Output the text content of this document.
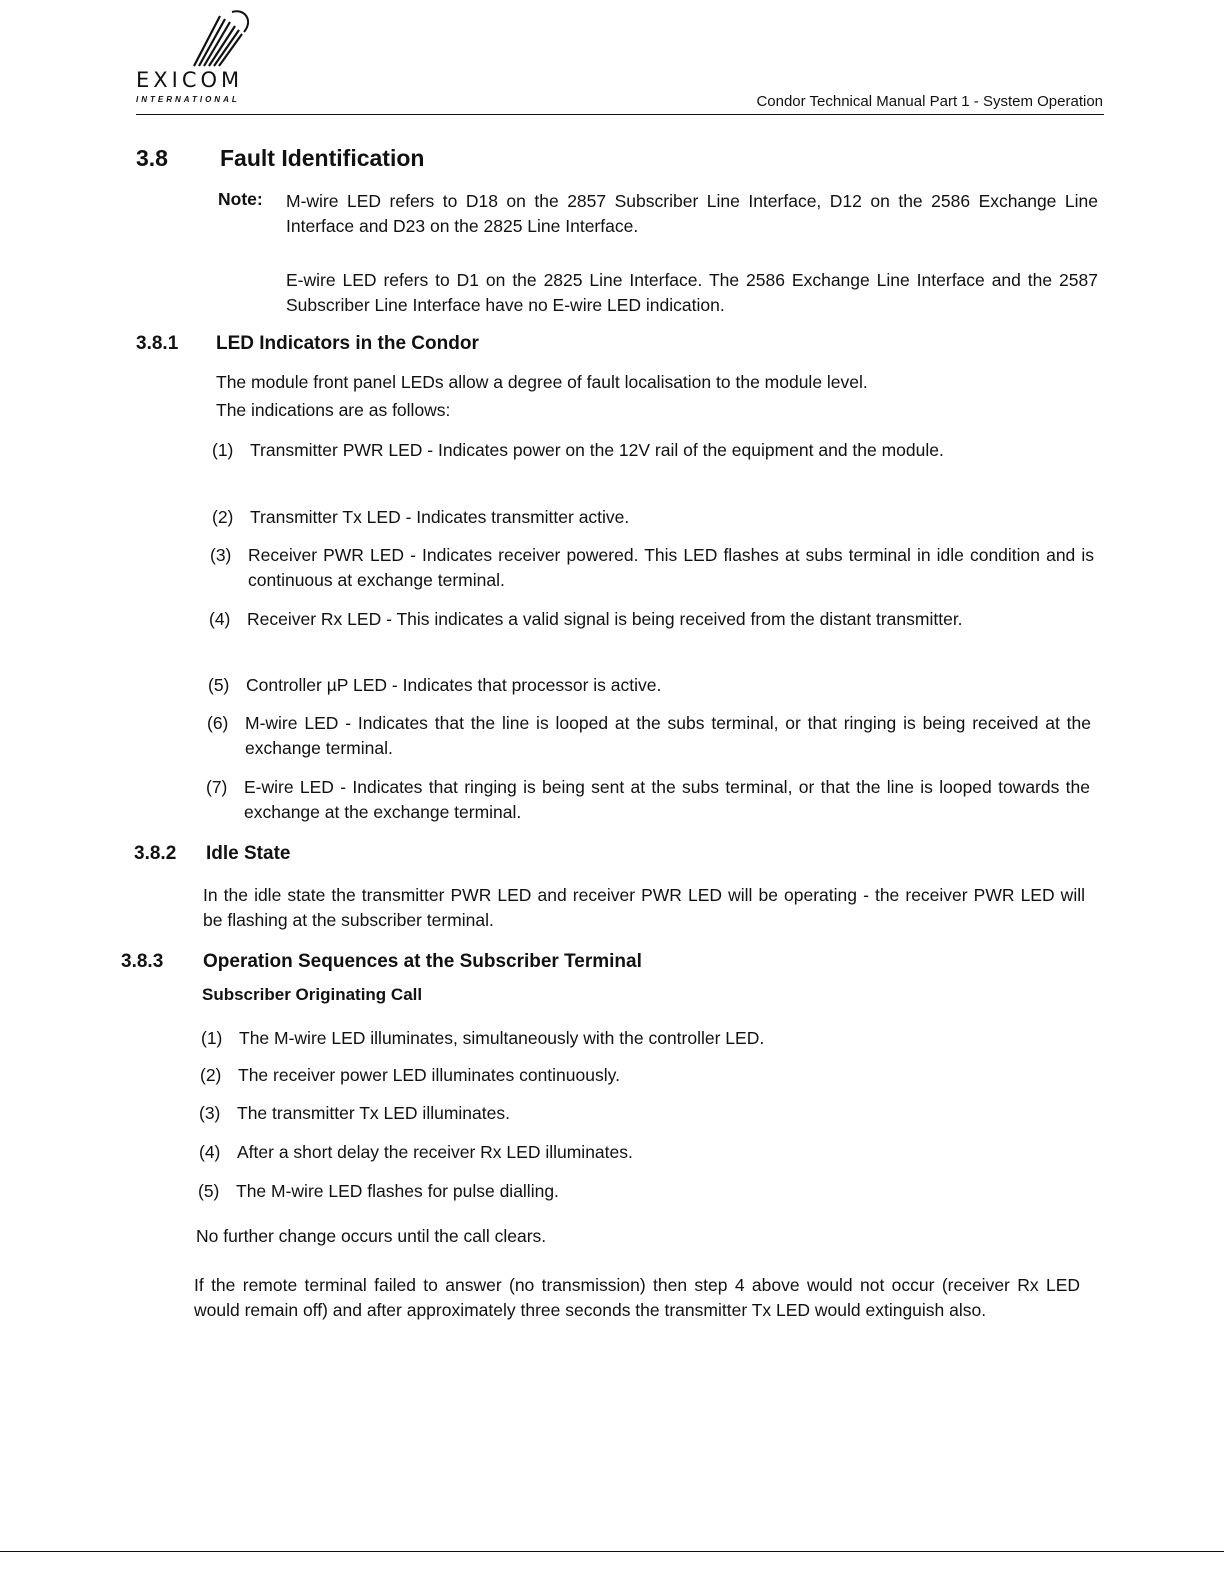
EXICOM
INTERNATIONAL	Condor Technical Manual Part 1 - System Operation
3.8 Fault Identification
Note: M-wire LED refers to D18 on the 2857 Subscriber Line Interface, D12 on the 2586 Exchange Line Interface and D23 on the 2825 Line Interface.
E-wire LED refers to D1 on the 2825 Line Interface. The 2586 Exchange Line Interface and the 2587 Subscriber Line Interface have no E-wire LED indication.
3.8.1 LED Indicators in the Condor
The module front panel LEDs allow a degree of fault localisation to the module level.
The indications are as follows:
(1) Transmitter PWR LED - Indicates power on the 12V rail of the equipment and the module.
(2) Transmitter Tx LED - Indicates transmitter active.
(3) Receiver PWR LED - Indicates receiver powered. This LED flashes at subs terminal in idle condition and is continuous at exchange terminal.
(4) Receiver Rx LED - This indicates a valid signal is being received from the distant transmitter.
(5) Controller µP LED - Indicates that processor is active.
(6) M-wire LED - Indicates that the line is looped at the subs terminal, or that ringing is being received at the exchange terminal.
(7) E-wire LED - Indicates that ringing is being sent at the subs terminal, or that the line is looped towards the exchange at the exchange terminal.
3.8.2 Idle State
In the idle state the transmitter PWR LED and receiver PWR LED will be operating - the receiver PWR LED will be flashing at the subscriber terminal.
3.8.3 Operation Sequences at the Subscriber Terminal
Subscriber Originating Call
(1) The M-wire LED illuminates, simultaneously with the controller LED.
(2) The receiver power LED illuminates continuously.
(3) The transmitter Tx LED illuminates.
(4) After a short delay the receiver Rx LED illuminates.
(5) The M-wire LED flashes for pulse dialling.
No further change occurs until the call clears.
If the remote terminal failed to answer (no transmission) then step 4 above would not occur (receiver Rx LED would remain off) and after approximately three seconds the transmitter Tx LED would extinguish also.
